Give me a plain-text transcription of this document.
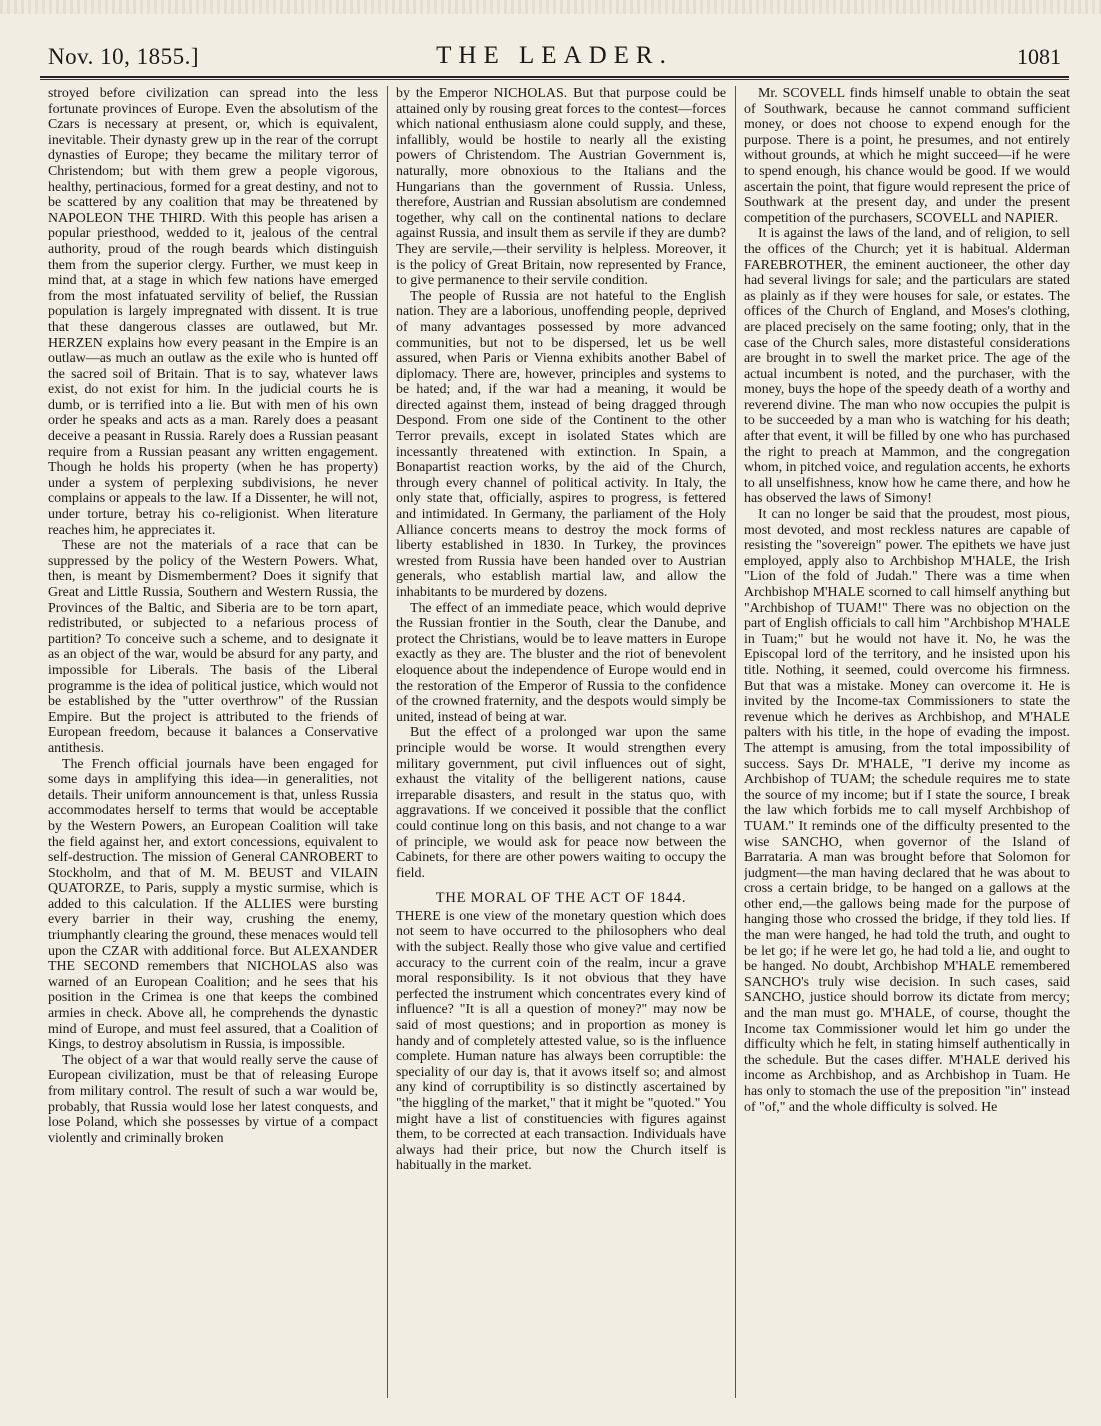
Nov. 10, 1855.]	THE LEADER.	1081

stroyed before civilization can spread into the less fortunate provinces of Europe. Even the absolutism of the Czars is necessary at present, or, which is equivalent, inevitable. Their dynasty grew up in the rear of the corrupt dynasties of Europe; they became the military terror of Christendom; but with them grew a people vigorous, healthy, pertinacious, formed for a great destiny, and not to be scattered by any coalition that may be threatened by NAPOLEON THE THIRD. With this people has arisen a popular priesthood, wedded to it, jealous of the central authority, proud of the rough beards which distinguish them from the superior clergy. Further, we must keep in mind that, at a stage in which few nations have emerged from the most infatuated servility of belief, the Russian population is largely impregnated with dissent. It is true that these dangerous classes are outlawed, but Mr. HERZEN explains how every peasant in the Empire is an outlaw—as much an outlaw as the exile who is hunted off the sacred soil of Britain. That is to say, whatever laws exist, do not exist for him. In the judicial courts he is dumb, or is terrified into a lie. But with men of his own order he speaks and acts as a man. Rarely does a peasant deceive a peasant in Russia. Rarely does a Russian peasant require from a Russian peasant any written engagement. Though he holds his property (when he has property) under a system of perplexing subdivisions, he never complains or appeals to the law. If a Dissenter, he will not, under torture, betray his co-religionist. When literature reaches him, he appreciates it.

These are not the materials of a race that can be suppressed by the policy of the Western Powers. What, then, is meant by Dismemberment? Does it signify that Great and Little Russia, Southern and Western Russia, the Provinces of the Baltic, and Siberia are to be torn apart, redistributed, or subjected to a nefarious process of partition? To conceive such a scheme, and to designate it as an object of the war, would be absurd for any party, and impossible for Liberals. The basis of the Liberal programme is the idea of political justice, which would not be established by the "utter overthrow" of the Russian Empire. But the project is attributed to the friends of European freedom, because it balances a Conservative antithesis.

The French official journals have been engaged for some days in amplifying this idea—in generalities, not details. Their uniform announcement is that, unless Russia accommodates herself to terms that would be acceptable by the Western Powers, an European Coalition will take the field against her, and extort concessions, equivalent to self-destruction. The mission of General CANROBERT to Stockholm, and that of M. M. BEUST and VILAIN QUATORZE, to Paris, supply a mystic surmise, which is added to this calculation. If the ALLIES were bursting every barrier in their way, crushing the enemy, triumphantly clearing the ground, these menaces would tell upon the CZAR with additional force. But ALEXANDER THE SECOND remembers that NICHOLAS also was warned of an European Coalition; and he sees that his position in the Crimea is one that keeps the combined armies in check. Above all, he comprehends the dynastic mind of Europe, and must feel assured, that a Coalition of Kings, to destroy absolutism in Russia, is impossible.

The object of a war that would really serve the cause of European civilization, must be that of releasing Europe from military control. The result of such a war would be, probably, that Russia would lose her latest conquests, and lose Poland, which she possesses by virtue of a compact violently and criminally broken

by the Emperor NICHOLAS. But that purpose could be attained only by rousing great forces to the contest—forces which national enthusiasm alone could supply, and these, infallibly, would be hostile to nearly all the existing powers of Christendom. The Austrian Government is, naturally, more obnoxious to the Italians and the Hungarians than the government of Russia. Unless, therefore, Austrian and Russian absolutism are condemned together, why call on the continental nations to declare against Russia, and insult them as servile if they are dumb? They are servile,—their servility is helpless. Moreover, it is the policy of Great Britain, now represented by France, to give permanence to their servile condition.

The people of Russia are not hateful to the English nation. They are a laborious, unoffending people, deprived of many advantages possessed by more advanced communities, but not to be dispersed, let us be well assured, when Paris or Vienna exhibits another Babel of diplomacy. There are, however, principles and systems to be hated; and, if the war had a meaning, it would be directed against them, instead of being dragged through Despond. From one side of the Continent to the other Terror prevails, except in isolated States which are incessantly threatened with extinction. In Spain, a Bonapartist reaction works, by the aid of the Church, through every channel of political activity. In Italy, the only state that, officially, aspires to progress, is fettered and intimidated. In Germany, the parliament of the Holy Alliance concerts means to destroy the mock forms of liberty established in 1830. In Turkey, the provinces wrested from Russia have been handed over to Austrian generals, who establish martial law, and allow the inhabitants to be murdered by dozens.

The effect of an immediate peace, which would deprive the Russian frontier in the South, clear the Danube, and protect the Christians, would be to leave matters in Europe exactly as they are. The bluster and the riot of benevolent eloquence about the independence of Europe would end in the restoration of the Emperor of Russia to the confidence of the crowned fraternity, and the despots would simply be united, instead of being at war.

But the effect of a prolonged war upon the same principle would be worse. It would strengthen every military government, put civil influences out of sight, exhaust the vitality of the belligerent nations, cause irreparable disasters, and result in the status quo, with aggravations. If we conceived it possible that the conflict could continue long on this basis, and not change to a war of principle, we would ask for peace now between the Cabinets, for there are other powers waiting to occupy the field.

THE MORAL OF THE ACT OF 1844.

THERE is one view of the monetary question which does not seem to have occurred to the philosophers who deal with the subject. Really those who give value and certified accuracy to the current coin of the realm, incur a grave moral responsibility. Is it not obvious that they have perfected the instrument which concentrates every kind of influence? "It is all a question of money?" may now be said of most questions; and in proportion as money is handy and of completely attested value, so is the influence complete. Human nature has always been corruptible: the speciality of our day is, that it avows itself so; and almost any kind of corruptibility is so distinctly ascertained by "the higgling of the market," that it might be "quoted." You might have a list of constituencies with figures against them, to be corrected at each transaction. Individuals have always had their price, but now the Church itself is habitually in the market.

Mr. SCOVELL finds himself unable to obtain the seat of Southwark, because he cannot command sufficient money, or does not choose to expend enough for the purpose. There is a point, he presumes, and not entirely without grounds, at which he might succeed—if he were to spend enough, his chance would be good. If we would ascertain the point, that figure would represent the price of Southwark at the present day, and under the present competition of the purchasers, SCOVELL and NAPIER.

It is against the laws of the land, and of religion, to sell the offices of the Church; yet it is habitual. Alderman FAREBROTHER, the eminent auctioneer, the other day had several livings for sale; and the particulars are stated as plainly as if they were houses for sale, or estates. The offices of the Church of England, and Moses's clothing, are placed precisely on the same footing; only, that in the case of the Church sales, more distasteful considerations are brought in to swell the market price. The age of the actual incumbent is noted, and the purchaser, with the money, buys the hope of the speedy death of a worthy and reverend divine. The man who now occupies the pulpit is to be succeeded by a man who is watching for his death; after that event, it will be filled by one who has purchased the right to preach at Mammon, and the congregation whom, in pitched voice, and regulation accents, he exhorts to all unselfishness, know how he came there, and how he has observed the laws of Simony!

It can no longer be said that the proudest, most pious, most devoted, and most reckless natures are capable of resisting the "sovereign" power. The epithets we have just employed, apply also to Archbishop M'HALE, the Irish "Lion of the fold of Judah." There was a time when Archbishop M'HALE scorned to call himself anything but "Archbishop of TUAM!" There was no objection on the part of English officials to call him "Archbishop M'HALE in Tuam;" but he would not have it. No, he was the Episcopal lord of the territory, and he insisted upon his title. Nothing, it seemed, could overcome his firmness. But that was a mistake. Money can overcome it. He is invited by the Income-tax Commissioners to state the revenue which he derives as Archbishop, and M'HALE palters with his title, in the hope of evading the impost. The attempt is amusing, from the total impossibility of success. Says Dr. M'HALE, "I derive my income as Archbishop of TUAM; the schedule requires me to state the source of my income; but if I state the source, I break the law which forbids me to call myself Archbishop of TUAM." It reminds one of the difficulty presented to the wise SANCHO, when governor of the Island of Barrataria. A man was brought before that Solomon for judgment—the man having declared that he was about to cross a certain bridge, to be hanged on a gallows at the other end,—the gallows being made for the purpose of hanging those who crossed the bridge, if they told lies. If the man were hanged, he had told the truth, and ought to be let go; if he were let go, he had told a lie, and ought to be hanged. No doubt, Archbishop M'HALE remembered SANCHO's truly wise decision. In such cases, said SANCHO, justice should borrow its dictate from mercy; and the man must go. M'HALE, of course, thought the Income tax Commissioner would let him go under the difficulty which he felt, in stating himself authentically in the schedule. But the cases differ. M'HALE derived his income as Archbishop, and as Archbishop in Tuam. He has only to stomach the use of the preposition "in" instead of "of," and the whole difficulty is solved. He
